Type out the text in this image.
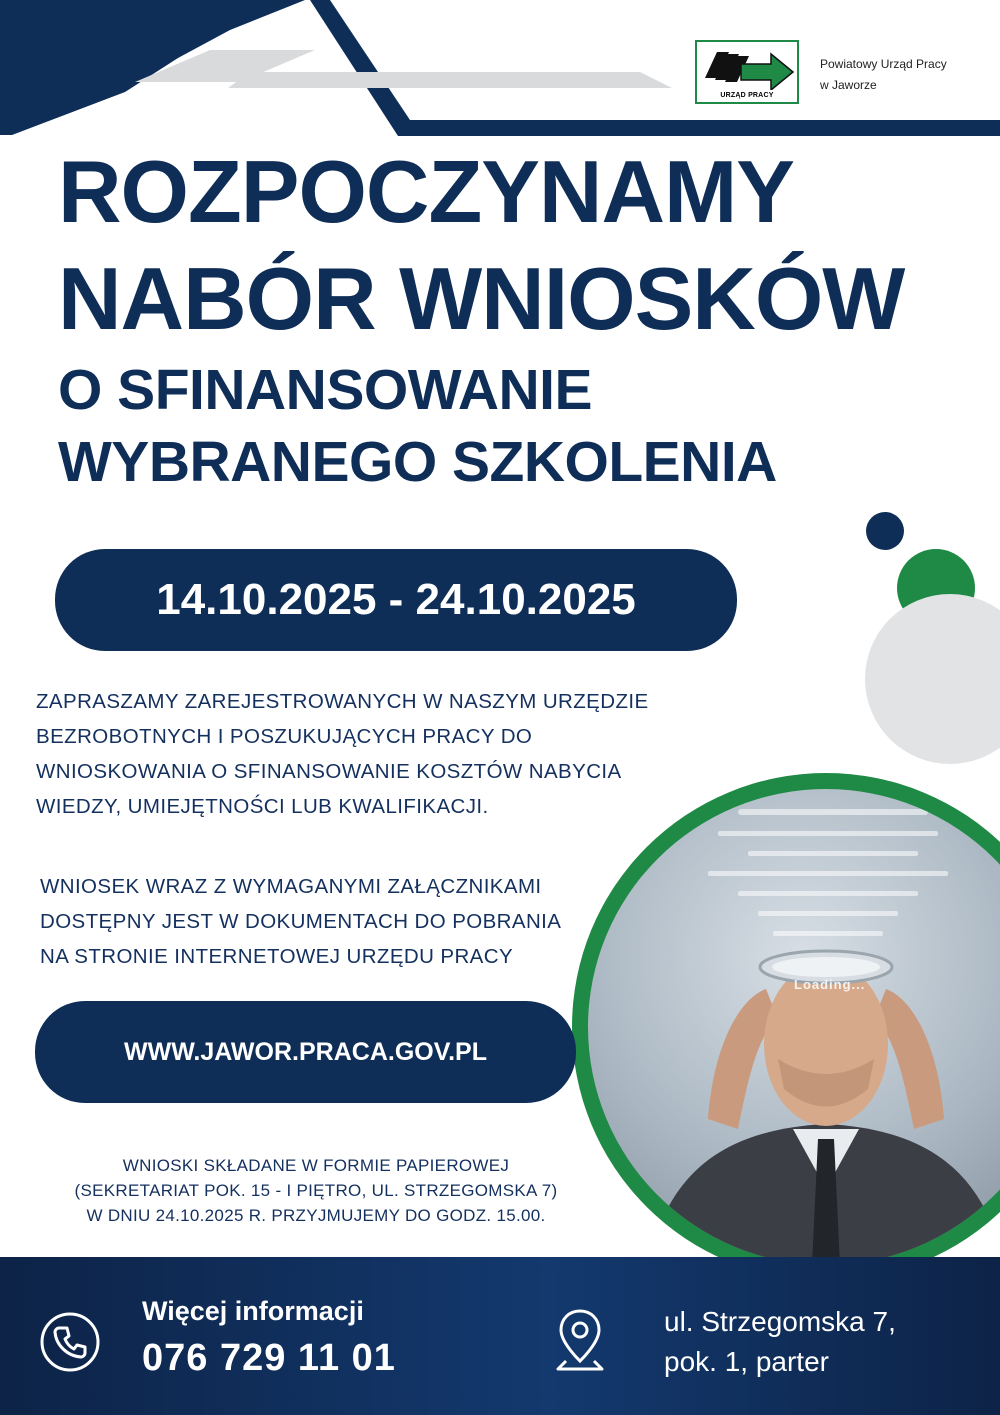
URZĄD PRACY
Powiatowy Urząd Pracy
w Jaworze
ROZPOCZYNAMY
NABÓR WNIOSKÓW
O SFINANSOWANIE
WYBRANEGO SZKOLENIA
14.10.2025 - 24.10.2025
ZAPRASZAMY ZAREJESTROWANYCH W NASZYM URZĘDZIE
BEZROBOTNYCH I POSZUKUJĄCYCH PRACY DO
WNIOSKOWANIA O SFINANSOWANIE KOSZTÓW NABYCIA
WIEDZY, UMIEJĘTNOŚCI LUB KWALIFIKACJI.
WNIOSEK WRAZ Z WYMAGANYMI ZAŁĄCZNIKAMI
DOSTĘPNY JEST W DOKUMENTACH DO POBRANIA
NA STRONIE INTERNETOWEJ URZĘDU PRACY
Loading...
WWW.JAWOR.PRACA.GOV.PL
WNIOSKI SKŁADANE W FORMIE PAPIEROWEJ
(SEKRETARIAT POK. 15 - I PIĘTRO, UL. STRZEGOMSKA 7)
W DNIU 24.10.2025 R. PRZYJMUJEMY DO GODZ. 15.00.
Więcej informacji
076 729 11 01
ul. Strzegomska 7,
pok. 1, parter
